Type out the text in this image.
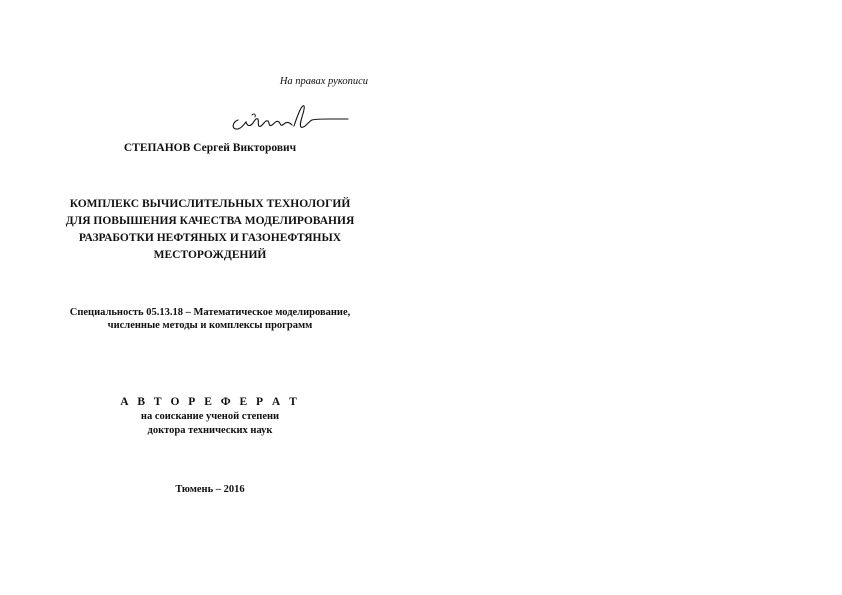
На правах рукописи
СТЕПАНОВ Сергей Викторович
КОМПЛЕКС ВЫЧИСЛИТЕЛЬНЫХ ТЕХНОЛОГИЙ
ДЛЯ ПОВЫШЕНИЯ КАЧЕСТВА МОДЕЛИРОВАНИЯ
РАЗРАБОТКИ НЕФТЯНЫХ И ГАЗОНЕФТЯНЫХ
МЕСТОРОЖДЕНИЙ
Специальность 05.13.18 – Математическое моделирование,
численные методы и комплексы программ
А В Т О Р Е Ф Е Р А Т
на соискание ученой степени
доктора технических наук
Тюмень – 2016
